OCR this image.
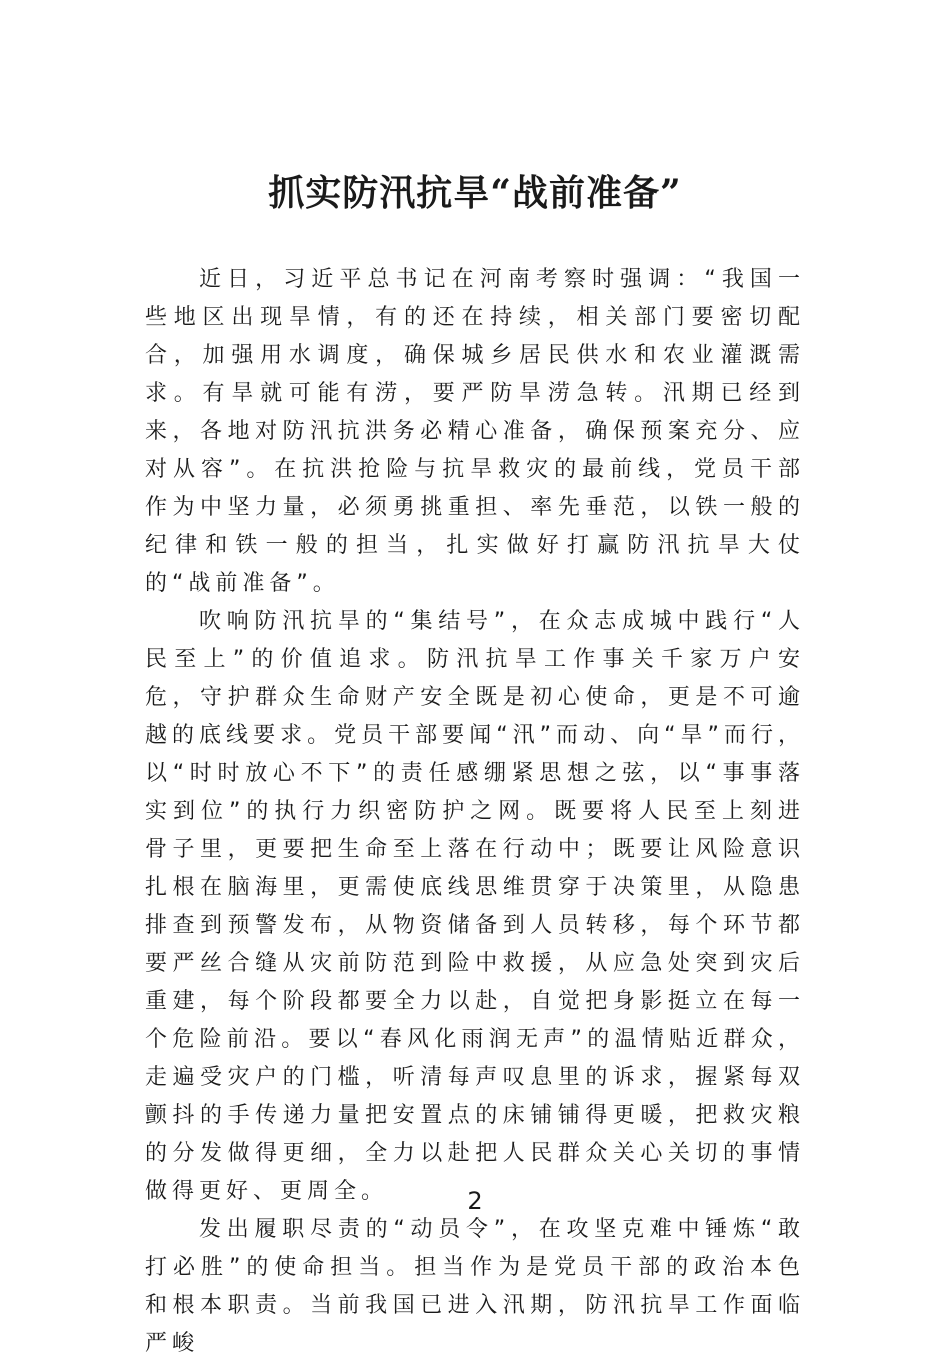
抓实防汛抗旱“战前准备”

近日，习近平总书记在河南考察时强调：“我国一些地区出现旱情，有的还在持续，相关部门要密切配合，加强用水调度，确保城乡居民供水和农业灌溉需求。有旱就可能有涝，要严防旱涝急转。汛期已经到来，各地对防汛抗洪务必精心准备，确保预案充分、应对从容”。在抗洪抢险与抗旱救灾的最前线，党员干部作为中坚力量，必须勇挑重担、率先垂范，以铁一般的纪律和铁一般的担当，扎实做好打赢防汛抗旱大仗的“战前准备”。

吹响防汛抗旱的“集结号”，在众志成城中践行“人民至上”的价值追求。防汛抗旱工作事关千家万户安危，守护群众生命财产安全既是初心使命，更是不可逾越的底线要求。党员干部要闻“汛”而动、向“旱”而行，以“时时放心不下”的责任感绷紧思想之弦，以“事事落实到位”的执行力织密防护之网。既要将人民至上刻进骨子里，更要把生命至上落在行动中；既要让风险意识扎根在脑海里，更需使底线思维贯穿于决策里，从隐患排查到预警发布，从物资储备到人员转移，每个环节都要严丝合缝从灾前防范到险中救援，从应急处突到灾后重建，每个阶段都要全力以赴，自觉把身影挺立在每一个危险前沿。要以“春风化雨润无声”的温情贴近群众，走遍受灾户的门槛，听清每声叹息里的诉求，握紧每双颤抖的手传递力量把安置点的床铺铺得更暖，把救灾粮的分发做得更细，全力以赴把人民群众关心关切的事情做得更好、更周全。

发出履职尽责的“动员令”，在攻坚克难中锤炼“敢打必胜”的使命担当。担当作为是党员干部的政治本色和根本职责。当前我国已进入汛期，防汛抗旱工作面临严峻

2
